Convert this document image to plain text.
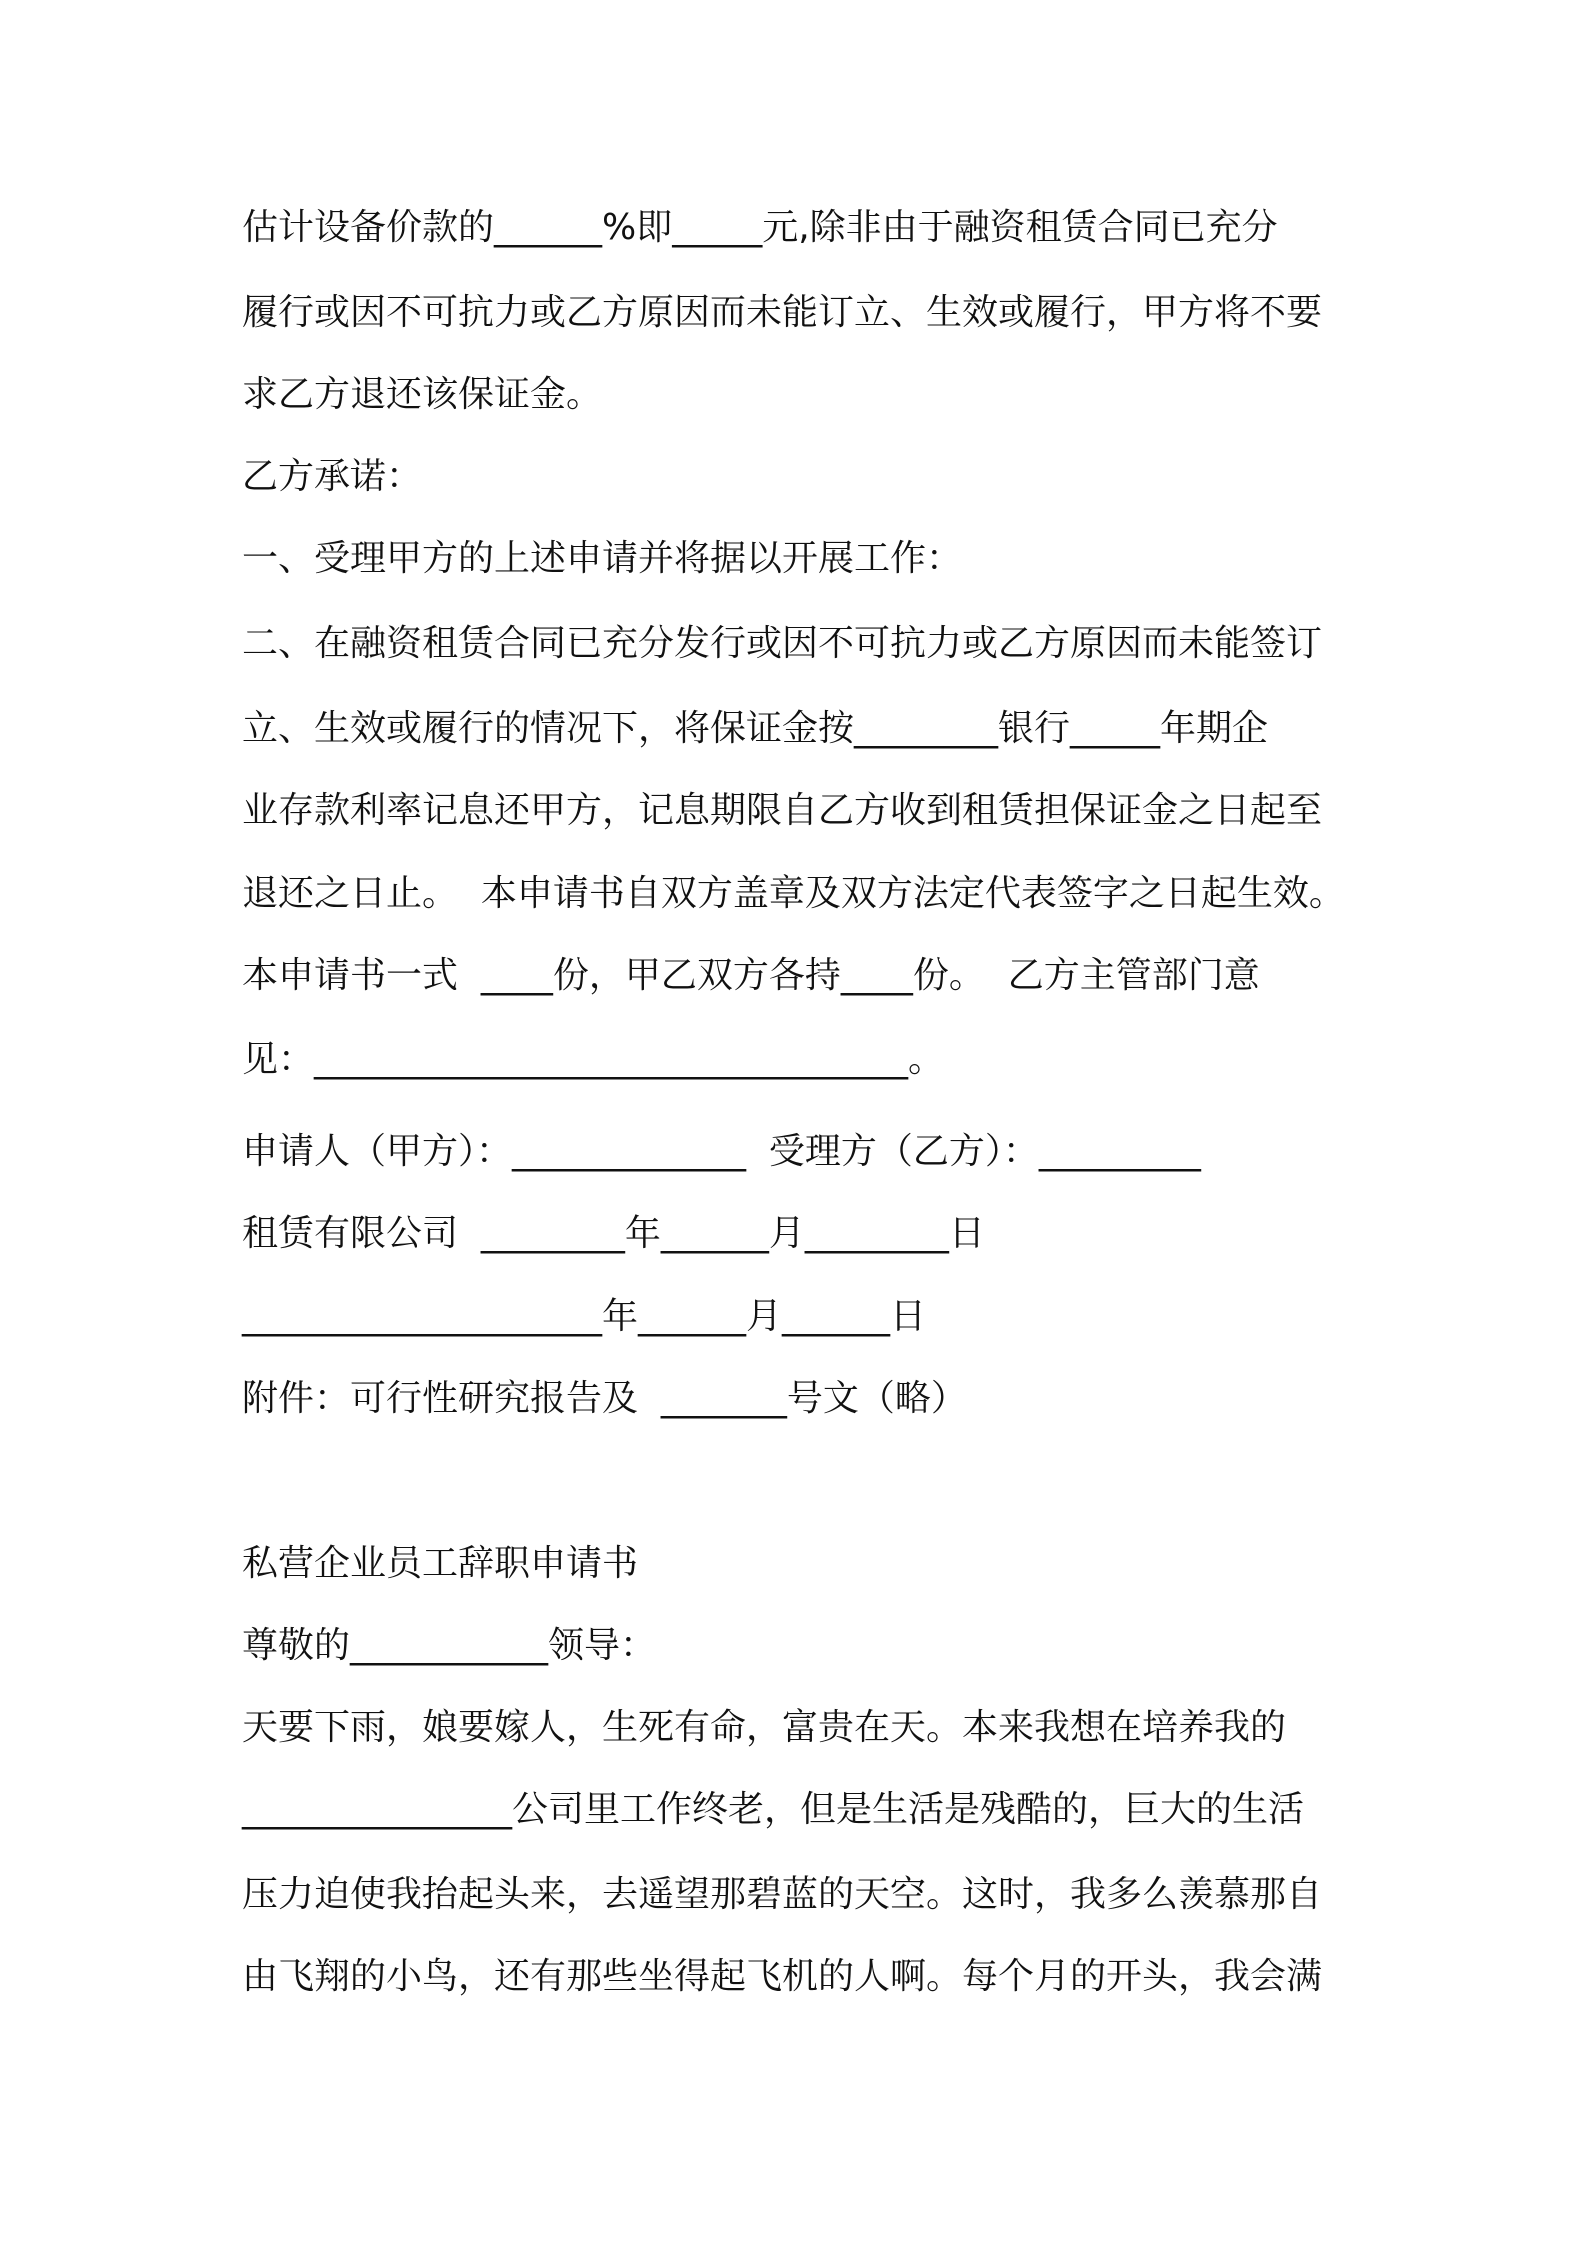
估计设备价款的______%即_____元,除非由于融资租赁合同已充分

履行或因不可抗力或乙方原因而未能订立、生效或履行，甲方将不要

求乙方退还该保证金。

乙方承诺：

一、受理甲方的上述申请并将据以开展工作：

二、在融资租赁合同已充分发行或因不可抗力或乙方原因而未能签订

立、生效或履行的情况下，将保证金按________银行_____年期企

业存款利率记息还甲方，记息期限自乙方收到租赁担保证金之日起至

退还之日止。  本申请书自双方盖章及双方法定代表签字之日起生效。

本申请书一式  ____份，甲乙双方各持____份。  乙方主管部门意

见：_________________________________。

申请人（甲方）：_____________  受理方（乙方）：_________

租赁有限公司  ________年______月________日

____________________年______月______日

附件：可行性研究报告及  _______号文（略）

私营企业员工辞职申请书

尊敬的___________领导：

天要下雨，娘要嫁人，生死有命，富贵在天。本来我想在培养我的

_______________公司里工作终老，但是生活是残酷的，巨大的生活

压力迫使我抬起头来，去遥望那碧蓝的天空。这时，我多么羡慕那自

由飞翔的小鸟，还有那些坐得起飞机的人啊。每个月的开头，我会满
